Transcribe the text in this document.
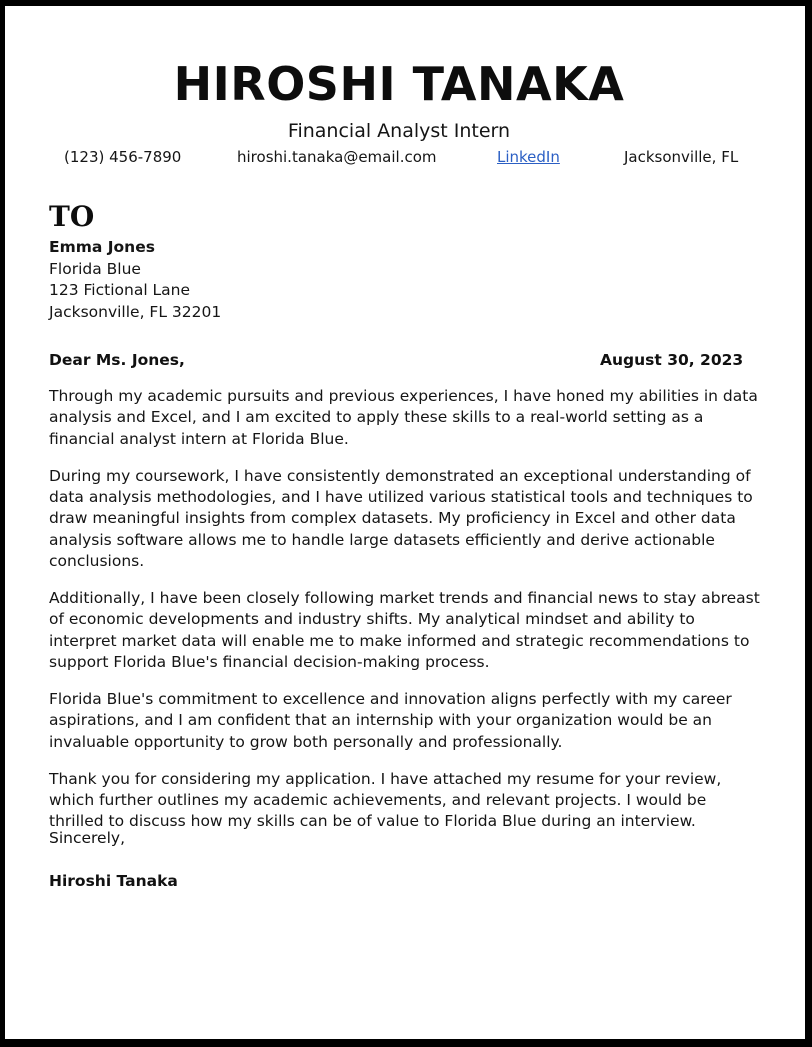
HIROSHI TANAKA
Financial Analyst Intern
(123) 456-7890	hiroshi.tanaka@email.com	LinkedIn	Jacksonville, FL
TO
Emma Jones
Florida Blue
123 Fictional Lane
Jacksonville, FL 32201
Dear Ms. Jones,	August 30, 2023

Through my academic pursuits and previous experiences, I have honed my abilities in data analysis and Excel, and I am excited to apply these skills to a real-world setting as a financial analyst intern at Florida Blue.

During my coursework, I have consistently demonstrated an exceptional understanding of data analysis methodologies, and I have utilized various statistical tools and techniques to draw meaningful insights from complex datasets. My proficiency in Excel and other data analysis software allows me to handle large datasets efficiently and derive actionable conclusions.

Additionally, I have been closely following market trends and financial news to stay abreast of economic developments and industry shifts. My analytical mindset and ability to interpret market data will enable me to make informed and strategic recommendations to support Florida Blue's financial decision-making process.

Florida Blue's commitment to excellence and innovation aligns perfectly with my career aspirations, and I am confident that an internship with your organization would be an invaluable opportunity to grow both personally and professionally.

Thank you for considering my application. I have attached my resume for your review, which further outlines my academic achievements, and relevant projects. I would be thrilled to discuss how my skills can be of value to Florida Blue during an interview.

Sincerely,
Hiroshi Tanaka
